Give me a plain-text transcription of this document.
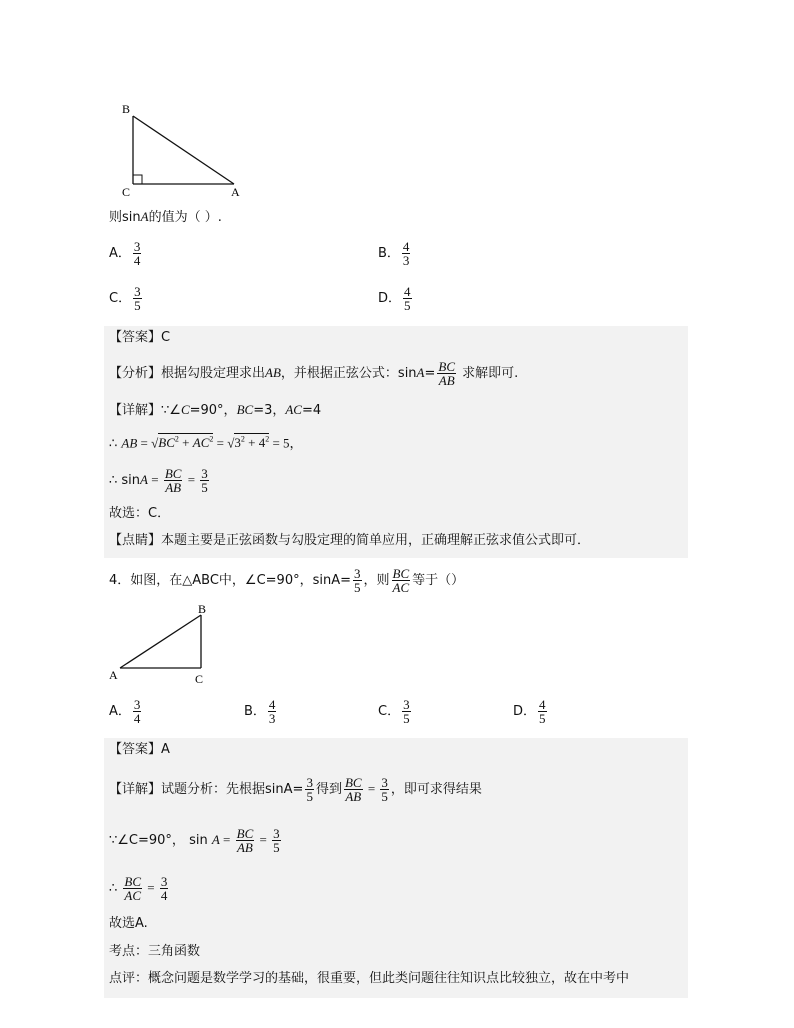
B
C	A
则sinA的值为（ ）.
A． $\frac{3}{4}$	B． $\frac{4}{3}$
C． $\frac{3}{5}$	D． $\frac{4}{5}$
【答案】C
【分析】根据勾股定理求出AB，并根据正弦公式：$\sin A= \frac{BC}{AB}$ 求解即可.
【详解】∵∠C=90°，BC=3，AC=4
∴ AB = $√BC^2 + AC^2 = √3^2 + 4^2 = 5$，
∴ $\sin A = \frac{BC}{AB} = \frac{3}{5}$
故选：C．
【点睛】本题主要是正弦函数与勾股定理的简单应用，正确理解正弦求值公式即可．
4．如图，在△ABC中，∠C=90°，$\sin A= \frac{3}{5}$ ，则 $\frac{BC}{AC}$ 等于（）
B
A	C
A． $\frac{3}{4}$	B． $\frac{4}{3}$	C． $\frac{3}{5}$	D． $\frac{4}{5}$
【答案】A
【详解】试题分析：先根据$\sin A= \frac{3}{5}$ 得到 $\frac{BC}{AB} = \frac{3}{5}$ ，即可求得结果
∵∠C=90°， $\sin A = \frac{BC}{AB} = \frac{3}{5}$
∴ $\frac{BC}{AC} = \frac{3}{4}$
故选A.
考点：三角函数
点评：概念问题是数学学习的基础，很重要，但此类问题往往知识点比较独立，故在中考中
